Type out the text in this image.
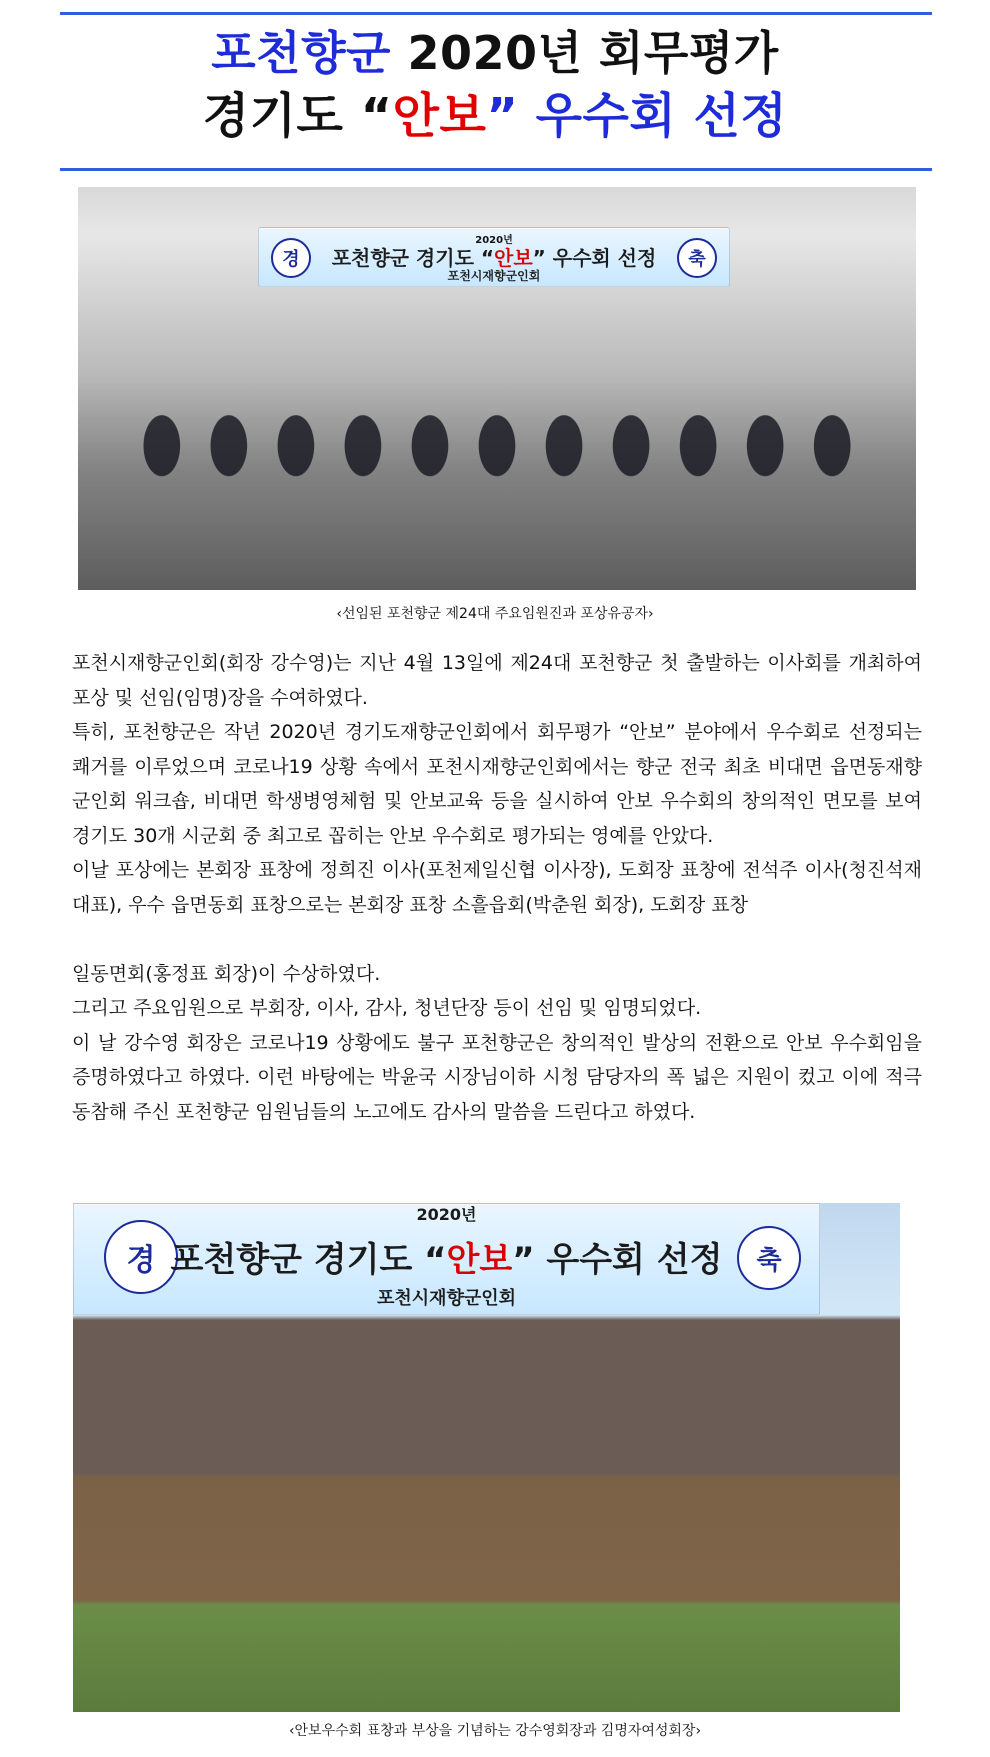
포천향군 2020년 회무평가
경기도 “안보” 우수회 선정
경	축
2020년
포천향군 경기도 “안보” 우수회 선정
포천시재향군인회
‹선임된 포천향군 제24대 주요임원진과 포상유공자›

포천시재향군인회(회장 강수영)는 지난 4월 13일에 제24대 포천향군 첫 출발하는 이사회를 개최하여 포상 및 선임(임명)장을 수여하였다.

특히, 포천향군은 작년 2020년 경기도재향군인회에서 회무평가 “안보” 분야에서 우수회로 선정되는 쾌거를 이루었으며 코로나19 상황 속에서 포천시재향군인회에서는 향군 전국 최초 비대면 읍면동재향군인회 워크숍, 비대면 학생병영체험 및 안보교육 등을 실시하여 안보 우수회의 창의적인 면모를 보여 경기도 30개 시군회 중 최고로 꼽히는 안보 우수회로 평가되는 영예를 안았다.

이날 포상에는 본회장 표창에 정희진 이사(포천제일신협 이사장), 도회장 표창에 전석주 이사(청진석재 대표), 우수 읍면동회 표창으로는 본회장 표창 소흘읍회(박춘원 회장), 도회장 표창

일동면회(홍정표 회장)이 수상하였다.

그리고 주요임원으로 부회장, 이사, 감사, 청년단장 등이 선임 및 임명되었다.

이 날 강수영 회장은 코로나19 상황에도 불구 포천향군은 창의적인 발상의 전환으로 안보 우수회임을 증명하였다고 하였다. 이런 바탕에는 박윤국 시장님이하 시청 담당자의 폭 넓은 지원이 컸고 이에 적극 동참해 주신 포천향군 임원님들의 노고에도 감사의 말씀을 드린다고 하였다.

경	축
2020년
포천향군 경기도 “안보” 우수회 선정
포천시재향군인회
‹안보우수회 표창과 부상을 기념하는 강수영회장과 김명자여성회장›
